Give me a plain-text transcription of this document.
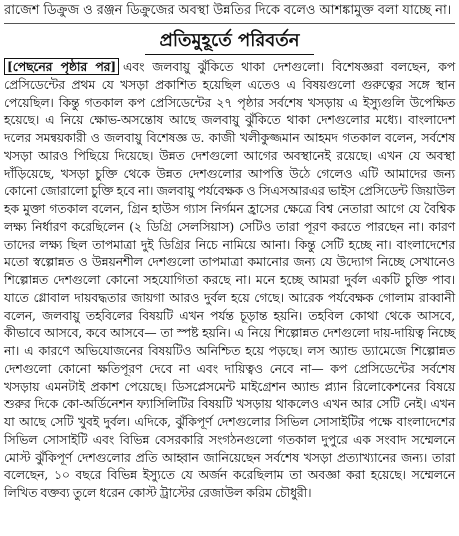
রাজেশ ডিক্রুজ ও রঞ্জন ডিক্রুজের অবস্থা উন্নতির দিকে বলেও আশঙ্কামুক্ত বলা যাচ্ছে না।
প্রতিমুহূর্তে পরিবর্তন
[পেছনের পৃষ্ঠার পর] এবং জলবায়ু ঝুঁকিতে থাকা দেশগুলো। বিশেষজ্ঞরা বলছেন, কপ প্রেসিডেন্টের প্রথম যে খসড়া প্রকাশিত হয়েছিল এতেও এ বিষয়গুলো গুরুত্বের সঙ্গে স্থান পেয়েছিল। কিন্তু গতকাল কপ প্রেসিডেন্টের ২৭ পৃষ্ঠার সর্বশেষ খসড়ায় এ ইস্যুগুলি উপেক্ষিত হয়েছে। এ নিয়ে ক্ষোভ-অসন্তোষ আছে জলবায়ু ঝুঁকিতে থাকা দেশগুলোর মধ্যে। বাংলাদেশ দলের সমন্বয়কারী ও জলবায়ু বিশেষজ্ঞ ড. কাজী খলীকুজ্জমান আহমদ গতকাল বলেন, সর্বশেষ খসড়া আরও পিছিয়ে দিয়েছে। উন্নত দেশগুলো আগের অবস্থানেই রয়েছে। এখন যে অবস্থা দাঁড়িয়েছে, খসড়া চুক্তি থেকে উন্নত দেশগুলোর আপত্তি উঠে গেলেও এটি আমাদের জন্য কোনো জোরালো চুক্তি হবে না। জলবায়ু পর্যবেক্ষক ও সিএসআরএর ভাইস প্রেসিডেন্ট জিয়াউল হক মুক্তা গতকাল বলেন, গ্রিন হাউস গ্যাস নির্গমন হ্রাসের ক্ষেত্রে বিশ্ব নেতারা আগে যে বৈশ্বিক লক্ষ্য নির্ধারণ করেছিলেন (২ ডিগ্রি সেলসিয়াস) সেটিও তারা পূরণ করতে পারছেন না। কারণ তাদের লক্ষ্য ছিল তাপমাত্রা দুই ডিগ্রির নিচে নামিয়ে আনা। কিন্তু সেটি হচ্ছে না। বাংলাদেশের মতো স্বল্পোন্নত ও উন্নয়নশীল দেশগুলো তাপমাত্রা কমানোর জন্য যে উদ্যোগ নিচ্ছে সেখানেও শিল্পোন্নত দেশগুলো কোনো সহযোগিতা করছে না। মনে হচ্ছে আমরা দুর্বল একটি চুক্তি পাব। যাতে গ্লোবাল দায়বদ্ধতার জায়গা আরও দুর্বল হয়ে গেছে। আরেক পর্যবেক্ষক গোলাম রাব্বানী বলেন, জলবায়ু তহবিলের বিষয়টি এখন পর্যন্ত চূড়ান্ত হয়নি। তহবিল কোথা থেকে আসবে, কীভাবে আসবে, কবে আসবে— তা স্পষ্ট হয়নি। এ নিয়ে শিল্পোন্নত দেশগুলো দায়-দায়িত্ব নিচ্ছে না। এ কারণে অভিযোজনের বিষয়টিও অনিশ্চিত হয়ে পড়ছে। লস অ্যান্ড ড্যামেজে শিল্পোন্নত দেশগুলো কোনো ক্ষতিপূরণ দেবে না এবং দায়িত্বও নেবে না— কপ প্রেসিডেন্টের সর্বশেষ খসড়ায় এমনটাই প্রকাশ পেয়েছে। ডিসপ্লেসমেন্ট মাইগ্রেশন অ্যান্ড প্ল্যান রিলোকেশনের বিষয়ে শুরুর দিকে কো-অর্ডিনেশন ফ্যাসিলিটির বিষয়টি খসড়ায় থাকলেও এখন আর সেটি নেই। এখন যা আছে সেটি খুবই দুর্বল। এদিকে, ঝুঁকিপূর্ণ দেশগুলোর সিভিল সোসাইটির পক্ষে বাংলাদেশের সিভিল সোসাইটি এবং বিভিন্ন বেসরকারি সংগঠনগুলো গতকাল দুপুরে এক সংবাদ সম্মেলনে মোস্ট ঝুঁকিপূর্ণ দেশগুলোর প্রতি আহ্বান জানিয়েছেন সর্বশেষ খসড়া প্রত্যাখ্যানের জন্য। তারা বলেছেন, ১০ বছরে বিভিন্ন ইস্যুতে যে অর্জন করেছিলাম তা অবজ্ঞা করা হয়েছে। সম্মেলনে লিখিত বক্তব্য তুলে ধরেন কোস্ট ট্রাস্টের রেজাউল করিম চৌধুরী।
